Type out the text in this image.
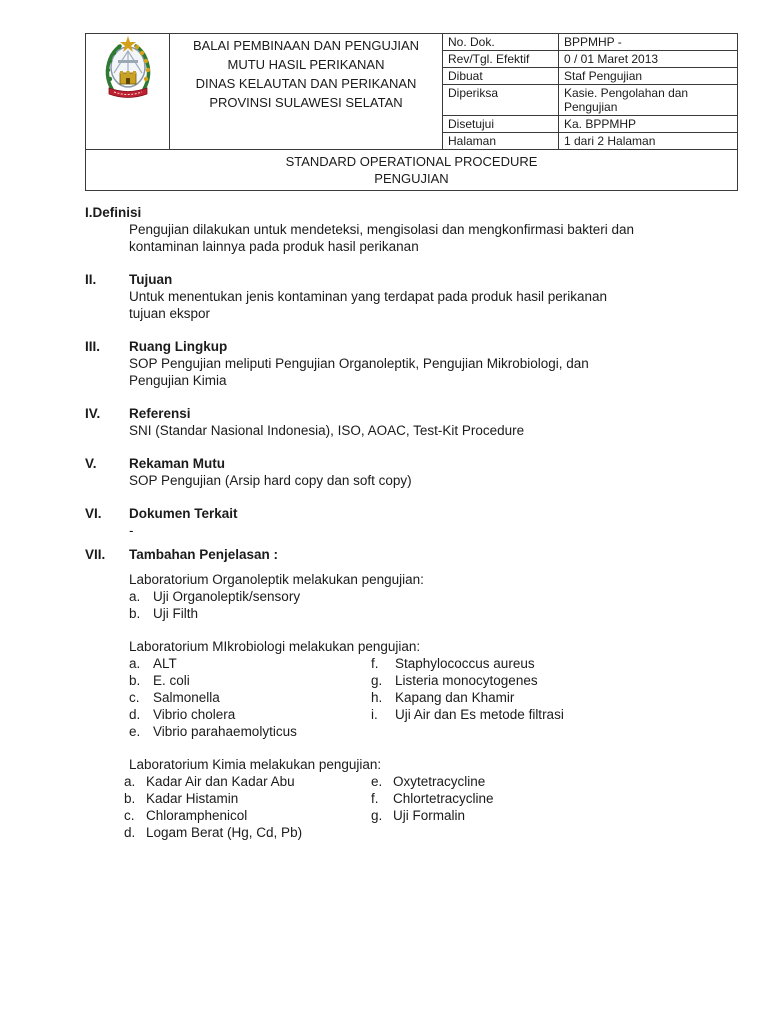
BALAI PEMBINAAN DAN PENGUJIAN
MUTU HASIL PERIKANAN
DINAS KELAUTAN DAN PERIKANAN
PROVINSI SULAWESI SELATAN	No. Dok.	BPPMHP -
		Rev/Tgl. Efektif	0 / 01 Maret 2013
		Dibuat	Staf Pengujian
		Diperiksa	Kasie. Pengolahan dan Pengujian
		Disetujui	Ka. BPPMHP
		Halaman	1 dari 2 Halaman

STANDARD OPERATIONAL PROCEDURE
PENGUJIAN			
I.Definisi
Pengujian dilakukan untuk mendeteksi, mengisolasi dan mengkonfirmasi bakteri dan kontaminan lainnya pada produk hasil perikanan
II.	Tujuan
Untuk menentukan jenis kontaminan yang terdapat pada produk hasil perikanan tujuan ekspor
III.	Ruang Lingkup
SOP Pengujian meliputi Pengujian Organoleptik, Pengujian Mikrobiologi, dan Pengujian Kimia
IV.	Referensi
SNI (Standar Nasional Indonesia), ISO, AOAC, Test-Kit Procedure
V.	Rekaman Mutu
SOP Pengujian (Arsip hard copy dan soft copy)
VI.	Dokumen Terkait
-
VII.	Tambahan Penjelasan :
Laboratorium Organoleptik melakukan pengujian:
a. Uji Organoleptik/sensory
b. Uji Filth
Laboratorium MIkrobiologi melakukan pengujian:
a. ALT
b. E. coli
c. Salmonella
d. Vibrio cholera
e. Vibrio parahaemolyticus
f.	Staphylococcus aureus
g. Listeria monocytogenes
h. Kapang dan Khamir
i.	Uji Air dan Es metode filtrasi
Laboratorium Kimia melakukan pengujian:
a. Kadar Air dan Kadar Abu
b. Kadar Histamin
c. Chloramphenicol
d. Logam Berat (Hg, Cd, Pb)
e. Oxytetracycline
f.	Chlortetracycline
g. Uji Formalin
